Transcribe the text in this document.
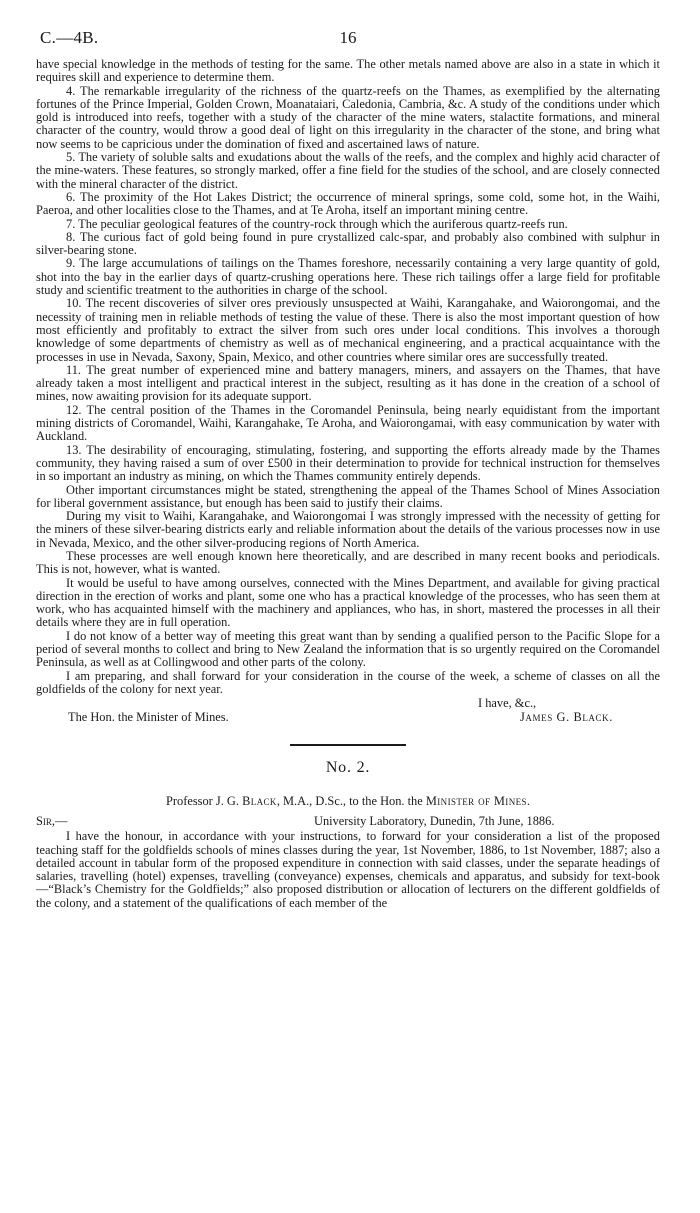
C.—4B.	16

have special knowledge in the methods of testing for the same. The other metals named above are also in a state in which it requires skill and experience to determine them.

4. The remarkable irregularity of the richness of the quartz-reefs on the Thames, as exemplified by the alternating fortunes of the Prince Imperial, Golden Crown, Moanataiari, Caledonia, Cambria, &c. A study of the conditions under which gold is introduced into reefs, together with a study of the character of the mine waters, stalactite formations, and mineral character of the country, would throw a good deal of light on this irregularity in the character of the stone, and bring what now seems to be capricious under the domination of fixed and ascertained laws of nature.

5. The variety of soluble salts and exudations about the walls of the reefs, and the complex and highly acid character of the mine-waters. These features, so strongly marked, offer a fine field for the studies of the school, and are closely connected with the mineral character of the district.

6. The proximity of the Hot Lakes District; the occurrence of mineral springs, some cold, some hot, in the Waihi, Paeroa, and other localities close to the Thames, and at Te Aroha, itself an important mining centre.

7. The peculiar geological features of the country-rock through which the auriferous quartz-reefs run.

8. The curious fact of gold being found in pure crystallized calc-spar, and probably also combined with sulphur in silver-bearing stone.

9. The large accumulations of tailings on the Thames foreshore, necessarily containing a very large quantity of gold, shot into the bay in the earlier days of quartz-crushing operations here. These rich tailings offer a large field for profitable study and scientific treatment to the authorities in charge of the school.

10. The recent discoveries of silver ores previously unsuspected at Waihi, Karangahake, and Waiorongomai, and the necessity of training men in reliable methods of testing the value of these. There is also the most important question of how most efficiently and profitably to extract the silver from such ores under local conditions. This involves a thorough knowledge of some departments of chemistry as well as of mechanical engineering, and a practical acquaintance with the processes in use in Nevada, Saxony, Spain, Mexico, and other countries where similar ores are successfully treated.

11. The great number of experienced mine and battery managers, miners, and assayers on the Thames, that have already taken a most intelligent and practical interest in the subject, resulting as it has done in the creation of a school of mines, now awaiting provision for its adequate support.

12. The central position of the Thames in the Coromandel Peninsula, being nearly equidistant from the important mining districts of Coromandel, Waihi, Karangahake, Te Aroha, and Waiorongamai, with easy communication by water with Auckland.

13. The desirability of encouraging, stimulating, fostering, and supporting the efforts already made by the Thames community, they having raised a sum of over £500 in their determination to provide for technical instruction for themselves in so important an industry as mining, on which the Thames community entirely depends.

Other important circumstances might be stated, strengthening the appeal of the Thames School of Mines Association for liberal government assistance, but enough has been said to justify their claims.

During my visit to Waihi, Karangahake, and Waiorongomai I was strongly impressed with the necessity of getting for the miners of these silver-bearing districts early and reliable information about the details of the various processes now in use in Nevada, Mexico, and the other silver-producing regions of North America.

These processes are well enough known here theoretically, and are described in many recent books and periodicals. This is not, however, what is wanted.

It would be useful to have among ourselves, connected with the Mines Department, and available for giving practical direction in the erection of works and plant, some one who has a practical knowledge of the processes, who has seen them at work, who has acquainted himself with the machinery and appliances, who has, in short, mastered the processes in all their details where they are in full operation.

I do not know of a better way of meeting this great want than by sending a qualified person to the Pacific Slope for a period of several months to collect and bring to New Zealand the information that is so urgently required on the Coromandel Peninsula, as well as at Collingwood and other parts of the colony.

I am preparing, and shall forward for your consideration in the course of the week, a scheme of classes on all the goldfields of the colony for next year.

I have, &c.,
The Hon. the Minister of Mines.	James G. Black.
No. 2.
Professor J. G. Black, M.A., D.Sc., to the Hon. the Minister of Mines.
Sir,—	University Laboratory, Dunedin, 7th June, 1886.

I have the honour, in accordance with your instructions, to forward for your consideration a list of the proposed teaching staff for the goldfields schools of mines classes during the year, 1st November, 1886, to 1st November, 1887; also a detailed account in tabular form of the proposed expenditure in connection with said classes, under the separate headings of salaries, travelling (hotel) expenses, travelling (conveyance) expenses, chemicals and apparatus, and subsidy for text-book—“Black’s Chemistry for the Goldfields;” also proposed distribution or allocation of lecturers on the different goldfields of the colony, and a statement of the qualifications of each member of the
